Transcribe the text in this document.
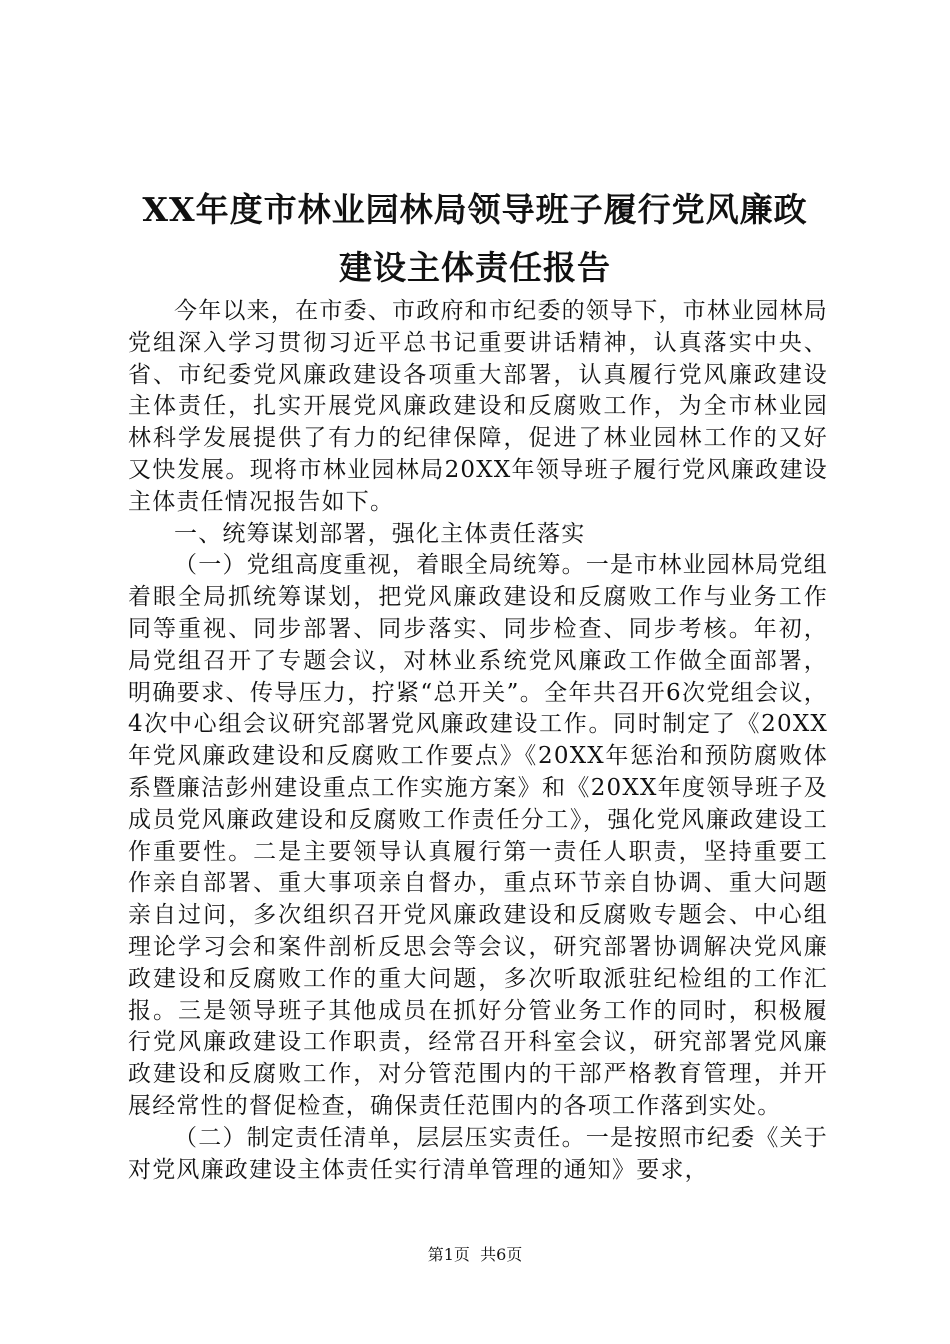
XX年度市林业园林局领导班子履行党风廉政
建设主体责任报告

今年以来，在市委、市政府和市纪委的领导下，市林业园林局党组深入学习贯彻习近平总书记重要讲话精神，认真落实中央、省、市纪委党风廉政建设各项重大部署，认真履行党风廉政建设主体责任，扎实开展党风廉政建设和反腐败工作，为全市林业园林科学发展提供了有力的纪律保障，促进了林业园林工作的又好又快发展。现将市林业园林局20XX年领导班子履行党风廉政建设主体责任情况报告如下。

一、统筹谋划部署，强化主体责任落实

（一）党组高度重视，着眼全局统筹。一是市林业园林局党组着眼全局抓统筹谋划，把党风廉政建设和反腐败工作与业务工作同等重视、同步部署、同步落实、同步检查、同步考核。年初，局党组召开了专题会议，对林业系统党风廉政工作做全面部署，明确要求、传导压力，拧紧“总开关”。全年共召开6次党组会议，4次中心组会议研究部署党风廉政建设工作。同时制定了《20XX年党风廉政建设和反腐败工作要点》《20XX年惩治和预防腐败体系暨廉洁彭州建设重点工作实施方案》和《20XX年度领导班子及成员党风廉政建设和反腐败工作责任分工》，强化党风廉政建设工作重要性。二是主要领导认真履行第一责任人职责，坚持重要工作亲自部署、重大事项亲自督办，重点环节亲自协调、重大问题亲自过问，多次组织召开党风廉政建设和反腐败专题会、中心组理论学习会和案件剖析反思会等会议，研究部署协调解决党风廉政建设和反腐败工作的重大问题，多次听取派驻纪检组的工作汇报。三是领导班子其他成员在抓好分管业务工作的同时，积极履行党风廉政建设工作职责，经常召开科室会议，研究部署党风廉政建设和反腐败工作，对分管范围内的干部严格教育管理，并开展经常性的督促检查，确保责任范围内的各项工作落到实处。

（二）制定责任清单，层层压实责任。一是按照市纪委《关于对党风廉政建设主体责任实行清单管理的通知》要求，

第1页 共6页
